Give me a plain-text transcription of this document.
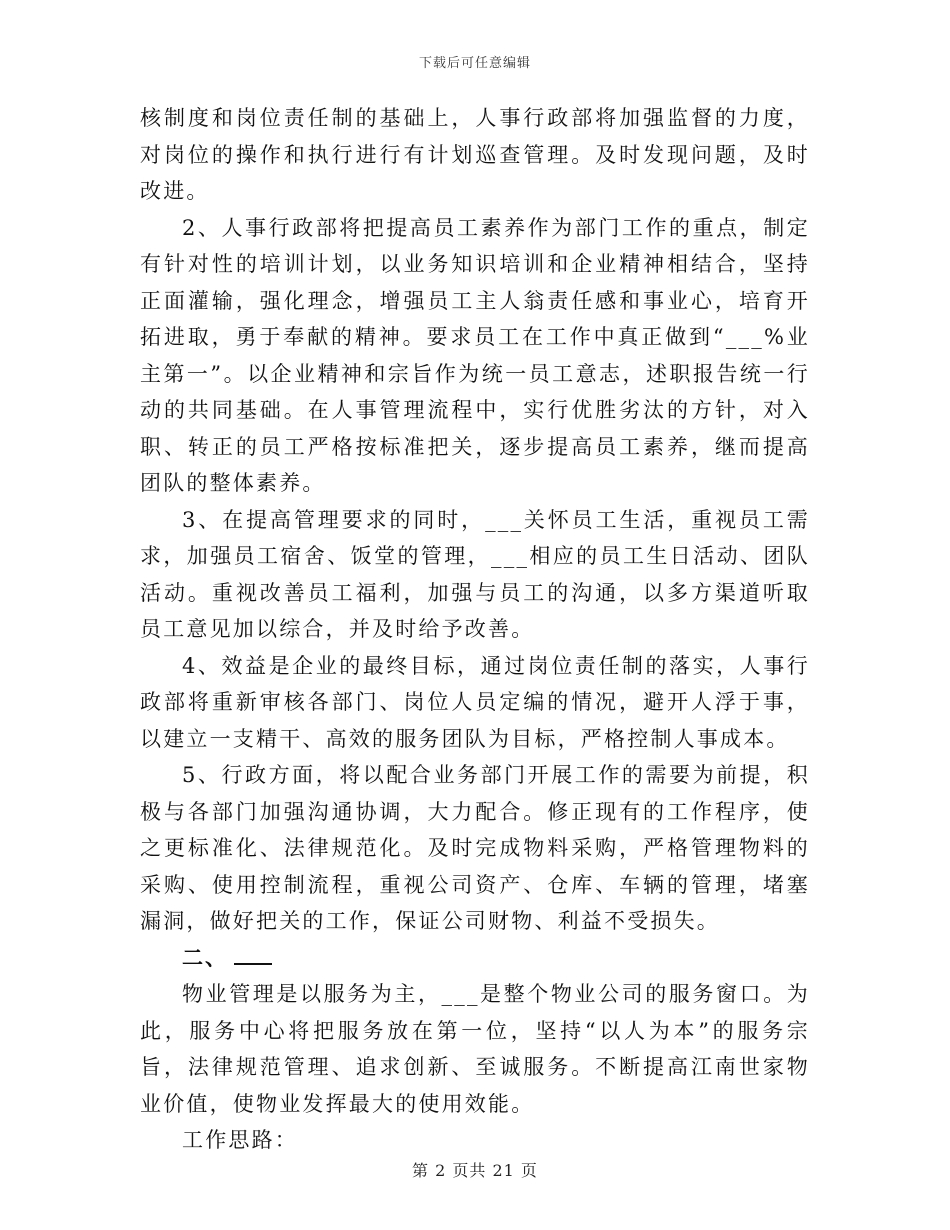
下载后可任意编辑

核制度和岗位责任制的基础上，人事行政部将加强监督的力度，对岗位的操作和执行进行有计划巡查管理。及时发现问题，及时改进。

2、人事行政部将把提高员工素养作为部门工作的重点，制定有针对性的培训计划，以业务知识培训和企业精神相结合，坚持正面灌输，强化理念，增强员工主人翁责任感和事业心，培育开拓进取，勇于奉献的精神。要求员工在工作中真正做到“___%业主第一”。以企业精神和宗旨作为统一员工意志，述职报告统一行动的共同基础。在人事管理流程中，实行优胜劣汰的方针，对入职、转正的员工严格按标准把关，逐步提高员工素养，继而提高团队的整体素养。

3、在提高管理要求的同时，___关怀员工生活，重视员工需求，加强员工宿舍、饭堂的管理，___相应的员工生日活动、团队活动。重视改善员工福利，加强与员工的沟通，以多方渠道听取员工意见加以综合，并及时给予改善。

4、效益是企业的最终目标，通过岗位责任制的落实，人事行政部将重新审核各部门、岗位人员定编的情况，避开人浮于事，以建立一支精干、高效的服务团队为目标，严格控制人事成本。

5、行政方面，将以配合业务部门开展工作的需要为前提，积极与各部门加强沟通协调，大力配合。修正现有的工作程序，使之更标准化、法律规范化。及时完成物料采购，严格管理物料的采购、使用控制流程，重视公司资产、仓库、车辆的管理，堵塞漏洞，做好把关的工作，保证公司财物、利益不受损失。

二、

物业管理是以服务为主，___是整个物业公司的服务窗口。为此，服务中心将把服务放在第一位，坚持“以人为本”的服务宗旨，法律规范管理、追求创新、至诚服务。不断提高江南世家物业价值，使物业发挥最大的使用效能。

工作思路：

第 2 页共 21 页
